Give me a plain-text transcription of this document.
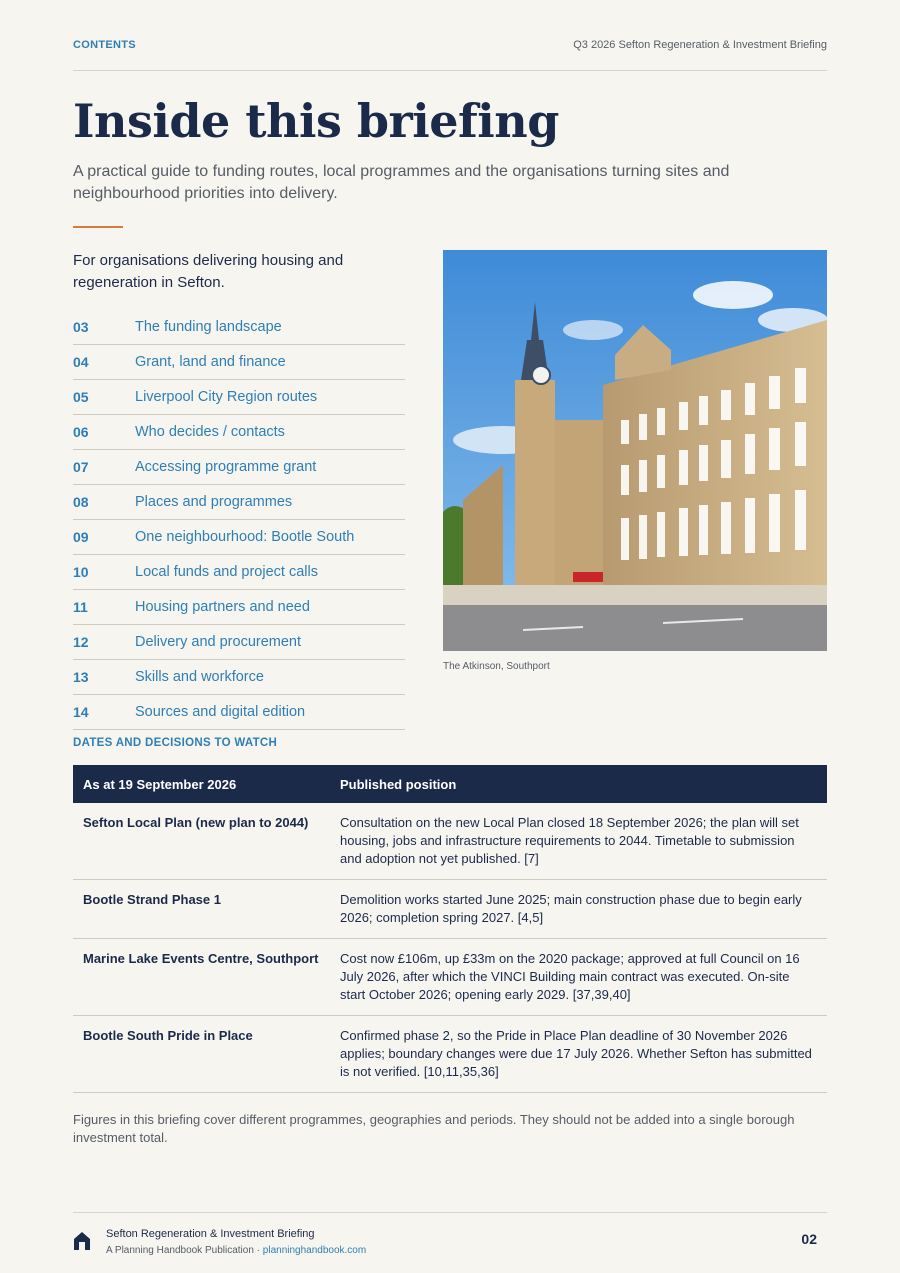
CONTENTS	Q3 2026 Sefton Regeneration & Investment Briefing
Inside this briefing

A practical guide to funding routes, local programmes and the organisations turning sites and neighbourhood priorities into delivery.

For organisations delivering housing and regeneration in Sefton.

03	The funding landscape
04	Grant, land and finance
05	Liverpool City Region routes
06	Who decides / contacts
07	Accessing programme grant
08	Places and programmes
09	One neighbourhood: Bootle South
10	Local funds and project calls
11	Housing partners and need
12	Delivery and procurement
13	Skills and workforce
14	Sources and digital edition
The Atkinson, Southport
DATES AND DECISIONS TO WATCH
As at 19 September 2026	Published position
Sefton Local Plan (new plan to 2044)	Consultation on the new Local Plan closed 18 September 2026; the plan will set housing, jobs and infrastructure requirements to 2044. Timetable to submission and adoption not yet published. [7]
Bootle Strand Phase 1	Demolition works started June 2025; main construction phase due to begin early 2026; completion spring 2027. [4,5]
Marine Lake Events Centre, Southport	Cost now £106m, up £33m on the 2020 package; approved at full Council on 16 July 2026, after which the VINCI Building main contract was executed. On-site start October 2026; opening early 2029. [37,39,40]
Bootle South Pride in Place	Confirmed phase 2, so the Pride in Place Plan deadline of 30 November 2026 applies; boundary changes were due 17 July 2026. Whether Sefton has submitted is not verified. [10,11,35,36]

Figures in this briefing cover different programmes, geographies and periods. They should not be added into a single borough investment total.

Sefton Regeneration & Investment Briefing
A Planning Handbook Publication · planninghandbook.com
02
